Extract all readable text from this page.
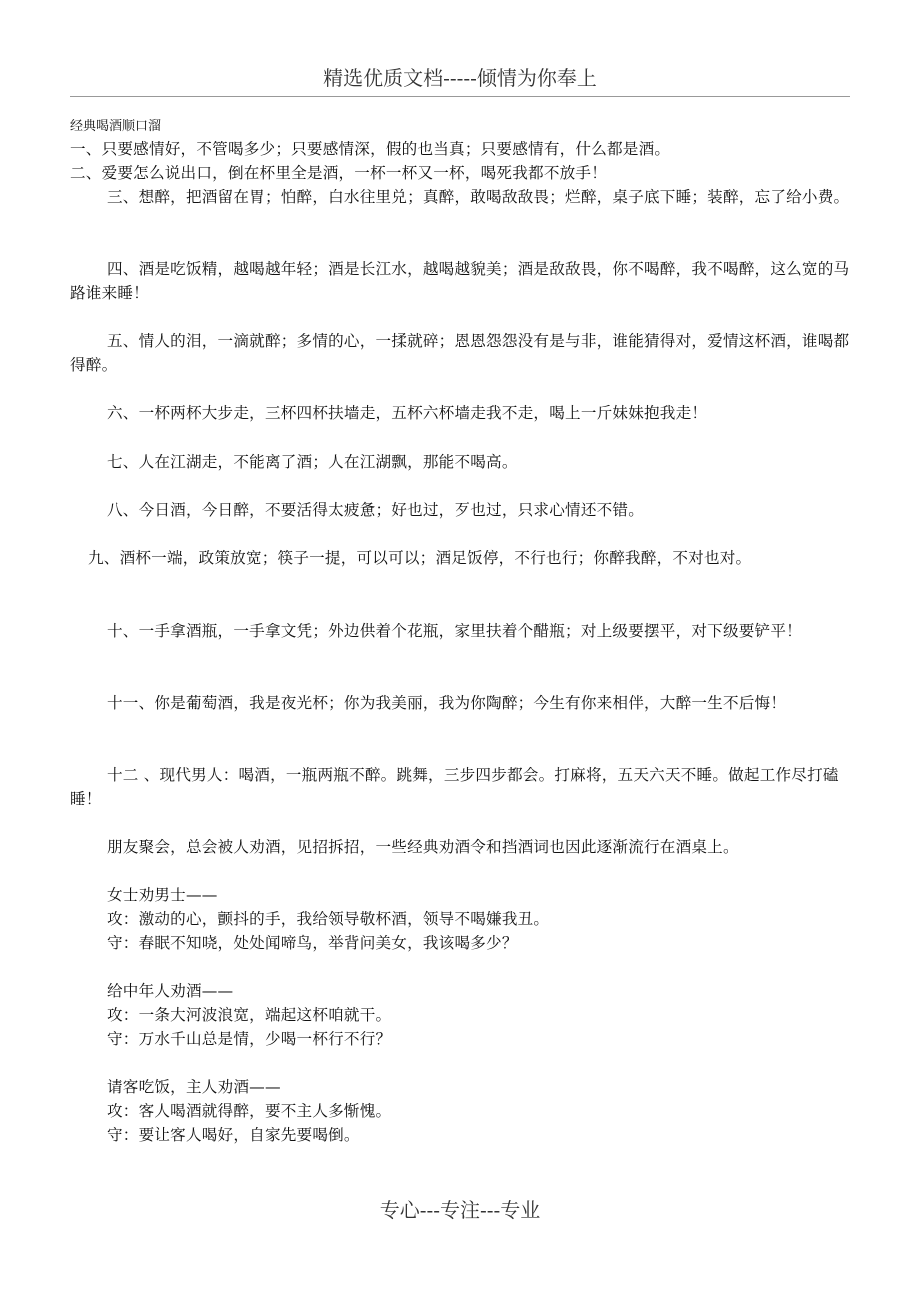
精选优质文档-----倾情为你奉上
经典喝酒顺口溜
一、只要感情好，不管喝多少；只要感情深，假的也当真；只要感情有，什么都是酒。
二、爱要怎么说出口，倒在杯里全是酒，一杯一杯又一杯，喝死我都不放手！
三、想醉，把酒留在胃；怕醉，白水往里兑；真醉，敢喝敌敌畏；烂醉，桌子底下睡；装醉，忘了给小费。
四、酒是吃饭精，越喝越年轻；酒是长江水，越喝越貌美；酒是敌敌畏，你不喝醉，我不喝醉，这么宽的马路谁来睡！
五、情人的泪，一滴就醉；多情的心，一揉就碎；恩恩怨怨没有是与非，谁能猜得对，爱情这杯酒，谁喝都得醉。
六、一杯两杯大步走，三杯四杯扶墙走，五杯六杯墙走我不走，喝上一斤妹妹抱我走！
七、人在江湖走，不能离了酒；人在江湖飘，那能不喝高。
八、今日酒，今日醉，不要活得太疲惫；好也过，歹也过，只求心情还不错。
九、酒杯一端，政策放宽；筷子一提，可以可以；酒足饭停，不行也行；你醉我醉，不对也对。
十、一手拿酒瓶，一手拿文凭；外边供着个花瓶，家里扶着个醋瓶；对上级要摆平，对下级要铲平！
十一、你是葡萄酒，我是夜光杯；你为我美丽，我为你陶醉；今生有你来相伴，大醉一生不后悔！
十二 、现代男人：喝酒，一瓶两瓶不醉。跳舞，三步四步都会。打麻将，五天六天不睡。做起工作尽打磕睡！
朋友聚会，总会被人劝酒，见招拆招，一些经典劝酒令和挡酒词也因此逐渐流行在酒桌上。
女士劝男士——
攻：激动的心，颤抖的手，我给领导敬杯酒，领导不喝嫌我丑。
守：春眠不知哓，处处闻啼鸟，举背问美女，我该喝多少？
给中年人劝酒——
攻：一条大河波浪宽，端起这杯咱就干。
守：万水千山总是情，少喝一杯行不行？
请客吃饭，主人劝酒——
攻：客人喝酒就得醉，要不主人多惭愧。
守：要让客人喝好，自家先要喝倒。
专心---专注---专业
